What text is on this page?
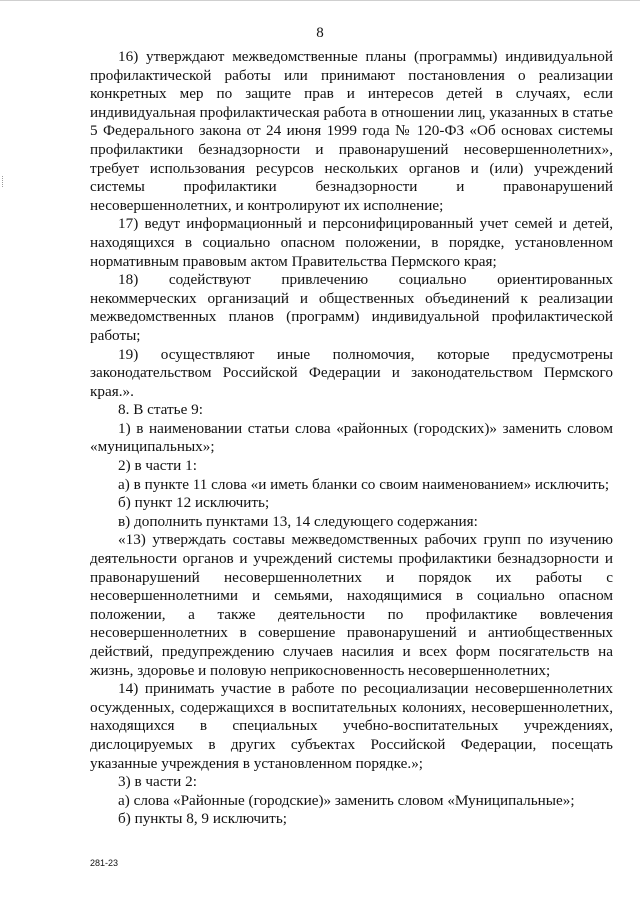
8

16) утверждают межведомственные планы (программы) индивидуальной профилактической работы или принимают постановления о реализации конкретных мер по защите прав и интересов детей в случаях, если индивидуальная профилактическая работа в отношении лиц, указанных в статье 5 Федерального закона от 24 июня 1999 года № 120-ФЗ «Об основах системы профилактики безнадзорности и правонарушений несовершеннолетних», требует использования ресурсов нескольких органов и (или) учреждений системы профилактики безнадзорности и правонарушений несовершеннолетних, и контролируют их исполнение;

17) ведут информационный и персонифицированный учет семей и детей, находящихся в социально опасном положении, в порядке, установленном нормативным правовым актом Правительства Пермского края;

18) содействуют привлечению социально ориентированных некоммерческих организаций и общественных объединений к реализации межведомственных планов (программ) индивидуальной профилактической работы;

19) осуществляют иные полномочия, которые предусмотрены законодательством Российской Федерации и законодательством Пермского края.».

8. В статье 9:

1) в наименовании статьи слова «районных (городских)» заменить словом «муниципальных»;

2) в части 1:

а) в пункте 11 слова «и иметь бланки со своим наименованием» исключить;

б) пункт 12 исключить;

в) дополнить пунктами 13, 14 следующего содержания:

«13) утверждать составы межведомственных рабочих групп по изучению деятельности органов и учреждений системы профилактики безнадзорности и правонарушений несовершеннолетних и порядок их работы с несовершеннолетними и семьями, находящимися в социально опасном положении, а также деятельности по профилактике вовлечения несовершеннолетних в совершение правонарушений и антиобщественных действий, предупреждению случаев насилия и всех форм посягательств на жизнь, здоровье и половую неприкосновенность несовершеннолетних;

14) принимать участие в работе по ресоциализации несовершеннолетних осужденных, содержащихся в воспитательных колониях, несовершеннолетних, находящихся в специальных учебно-воспитательных учреждениях, дислоцируемых в других субъектах Российской Федерации, посещать указанные учреждения в установленном порядке.»;

3) в части 2:

а) слова «Районные (городские)» заменить словом «Муниципальные»;

б) пункты 8, 9 исключить;

281-23
